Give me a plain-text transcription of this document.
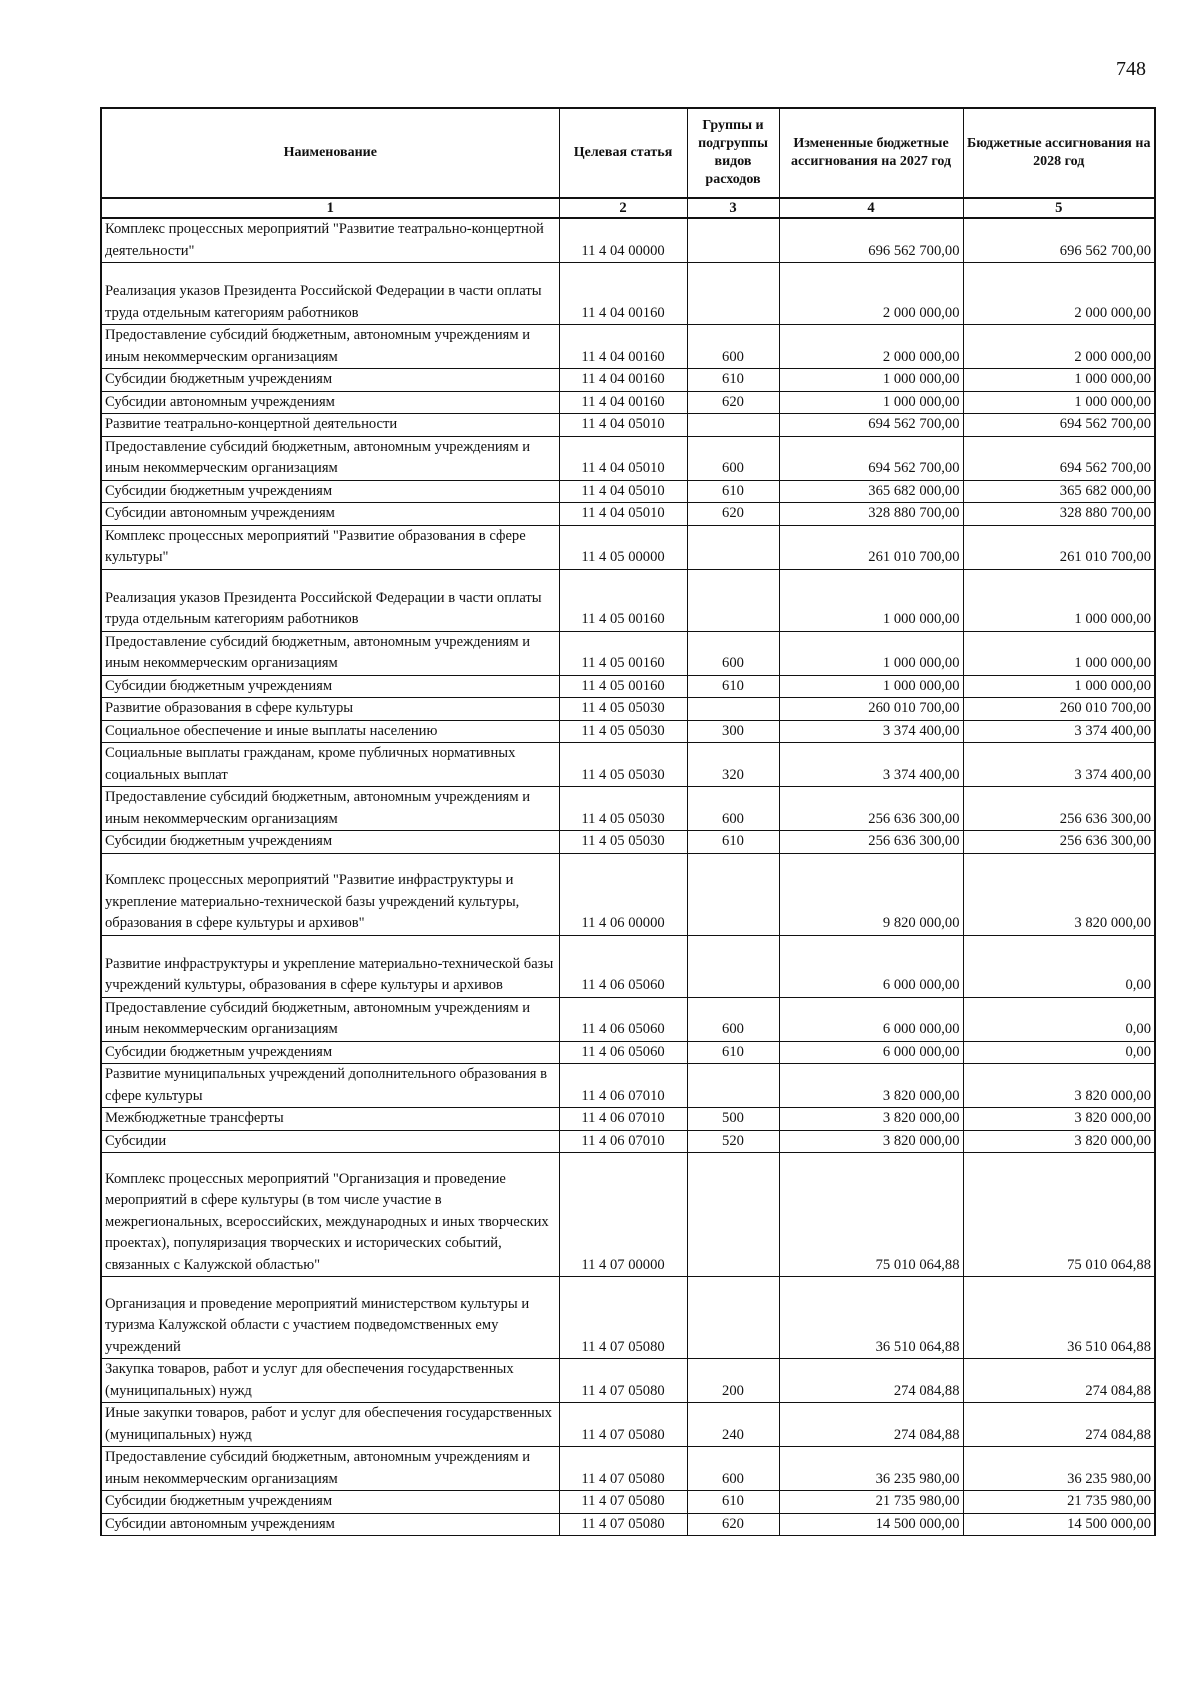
748
Наименование	Целевая статья	Группы и подгруппы видов расходов	Измененные бюджетные ассигнования на 2027 год	Бюджетные ассигнования на 2028 год
1	2	3	4	5
Комплекс процессных мероприятий "Развитие театрально-концертной деятельности"	11 4 04 00000		696 562 700,00	696 562 700,00
Реализация указов Президента Российской Федерации в части оплаты труда отдельным категориям работников	11 4 04 00160		2 000 000,00	2 000 000,00
Предоставление субсидий бюджетным, автономным учреждениям и иным некоммерческим организациям	11 4 04 00160	600	2 000 000,00	2 000 000,00
Субсидии бюджетным учреждениям	11 4 04 00160	610	1 000 000,00	1 000 000,00
Субсидии автономным учреждениям	11 4 04 00160	620	1 000 000,00	1 000 000,00
Развитие театрально-концертной деятельности	11 4 04 05010		694 562 700,00	694 562 700,00
Предоставление субсидий бюджетным, автономным учреждениям и иным некоммерческим организациям	11 4 04 05010	600	694 562 700,00	694 562 700,00
Субсидии бюджетным учреждениям	11 4 04 05010	610	365 682 000,00	365 682 000,00
Субсидии автономным учреждениям	11 4 04 05010	620	328 880 700,00	328 880 700,00
Комплекс процессных мероприятий "Развитие образования в сфере культуры"	11 4 05 00000		261 010 700,00	261 010 700,00
Реализация указов Президента Российской Федерации в части оплаты труда отдельным категориям работников	11 4 05 00160		1 000 000,00	1 000 000,00
Предоставление субсидий бюджетным, автономным учреждениям и иным некоммерческим организациям	11 4 05 00160	600	1 000 000,00	1 000 000,00
Субсидии бюджетным учреждениям	11 4 05 00160	610	1 000 000,00	1 000 000,00
Развитие образования в сфере культуры	11 4 05 05030		260 010 700,00	260 010 700,00
Социальное обеспечение и иные выплаты населению	11 4 05 05030	300	3 374 400,00	3 374 400,00
Социальные выплаты гражданам, кроме публичных нормативных социальных выплат	11 4 05 05030	320	3 374 400,00	3 374 400,00
Предоставление субсидий бюджетным, автономным учреждениям и иным некоммерческим организациям	11 4 05 05030	600	256 636 300,00	256 636 300,00
Субсидии бюджетным учреждениям	11 4 05 05030	610	256 636 300,00	256 636 300,00
Комплекс процессных мероприятий "Развитие инфраструктуры и укрепление материально-технической базы учреждений культуры, образования в сфере культуры и архивов"	11 4 06 00000		9 820 000,00	3 820 000,00
Развитие инфраструктуры и укрепление материально-технической базы учреждений культуры, образования в сфере культуры и архивов	11 4 06 05060		6 000 000,00	0,00
Предоставление субсидий бюджетным, автономным учреждениям и иным некоммерческим организациям	11 4 06 05060	600	6 000 000,00	0,00
Субсидии бюджетным учреждениям	11 4 06 05060	610	6 000 000,00	0,00
Развитие муниципальных учреждений дополнительного образования в сфере культуры	11 4 06 07010		3 820 000,00	3 820 000,00
Межбюджетные трансферты	11 4 06 07010	500	3 820 000,00	3 820 000,00
Субсидии	11 4 06 07010	520	3 820 000,00	3 820 000,00
Комплекс процессных мероприятий "Организация и проведение мероприятий в сфере культуры (в том числе участие в межрегиональных, всероссийских, международных и иных творческих проектах), популяризация творческих и исторических событий, связанных с Калужской областью"	11 4 07 00000		75 010 064,88	75 010 064,88
Организация и проведение мероприятий министерством культуры и туризма Калужской области с участием подведомственных ему учреждений	11 4 07 05080		36 510 064,88	36 510 064,88
Закупка товаров, работ и услуг для обеспечения государственных (муниципальных) нужд	11 4 07 05080	200	274 084,88	274 084,88
Иные закупки товаров, работ и услуг для обеспечения государственных (муниципальных) нужд	11 4 07 05080	240	274 084,88	274 084,88
Предоставление субсидий бюджетным, автономным учреждениям и иным некоммерческим организациям	11 4 07 05080	600	36 235 980,00	36 235 980,00
Субсидии бюджетным учреждениям	11 4 07 05080	610	21 735 980,00	21 735 980,00
Субсидии автономным учреждениям	11 4 07 05080	620	14 500 000,00	14 500 000,00
